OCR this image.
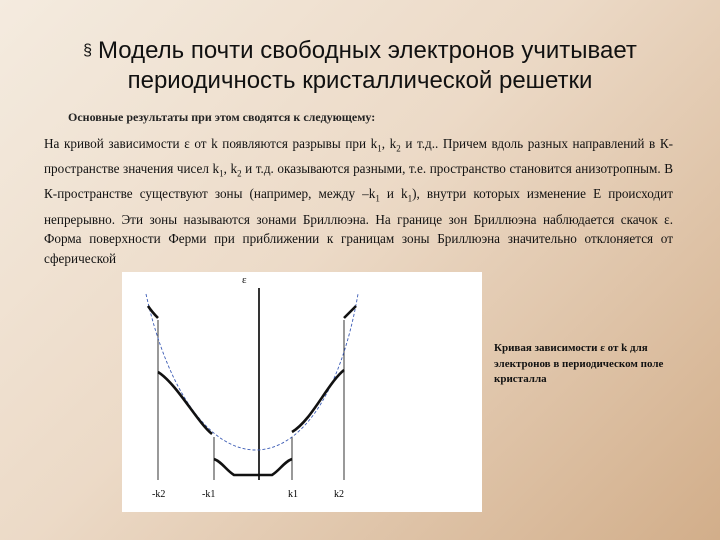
§ Модель почти свободных электронов учитывает
периодичность кристаллической решетки
Основные результаты при этом сводятся к следующему:
На кривой зависимости ε от k появляются разрывы при $k_1$, $k_2$ и т.д.. Причем вдоль разных направлений в К-пространстве значения чисел $k_1$, $k_2$ и т.д. оказываются разными, т.е. пространство становится анизотропным. В К-пространстве существуют зоны (например, между $-k_1$ и $k_1$), внутри которых изменение Е происходит непрерывно. Эти зоны называются зонами Бриллюэна. На границе зон Бриллюэна наблюдается скачок ε. Форма поверхности Ферми при приближении к границам зоны Бриллюэна значительно отклоняется от сферической
ε
-k2	-k1	k1	k2
Кривая зависимости ε от k для электронов в периодическом поле кристалла
